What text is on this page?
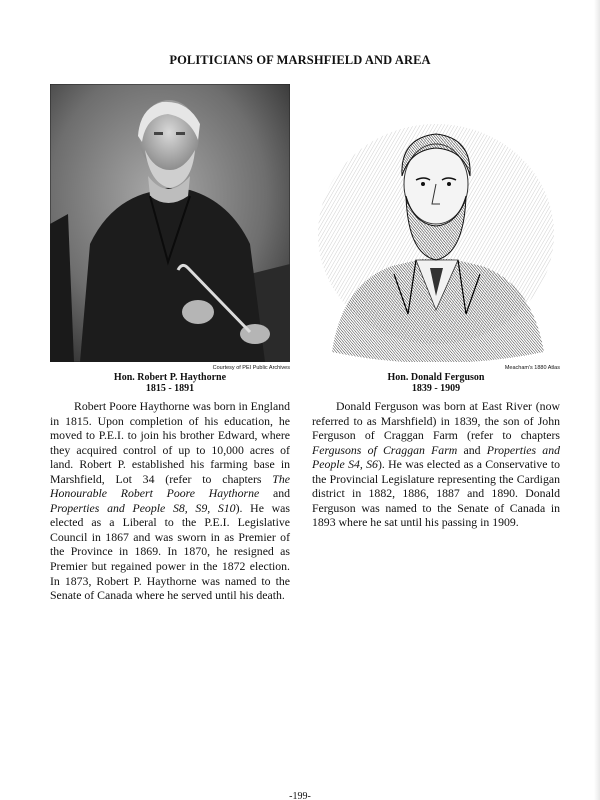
POLITICIANS OF MARSHFIELD AND AREA
Courtesy of PEI Public Archives
Hon. Robert P. Haythorne
1815 - 1891

Robert Poore Haythorne was born in England in 1815. Upon completion of his education, he moved to P.E.I. to join his brother Edward, where they acquired control of up to 10,000 acres of land. Robert P. established his farming base in Marshfield, Lot 34 (refer to chapters The Honourable Robert Poore Haythorne and Properties and People S8, S9, S10). He was elected as a Liberal to the P.E.I. Legislative Council in 1867 and was sworn in as Premier of the Province in 1869. In 1870, he resigned as Premier but regained power in the 1872 election. In 1873, Robert P. Haythorne was named to the Senate of Canada where he served until his death.

Meacham's 1880 Atlas
Hon. Donald Ferguson
1839 - 1909

Donald Ferguson was born at East River (now referred to as Marshfield) in 1839, the son of John Ferguson of Craggan Farm (refer to chapters Fergusons of Craggan Farm and Properties and People S4, S6). He was elected as a Conservative to the Provincial Legislature representing the Cardigan district in 1882, 1886, 1887 and 1890. Donald Ferguson was named to the Senate of Canada in 1893 where he sat until his passing in 1909.

-199-
